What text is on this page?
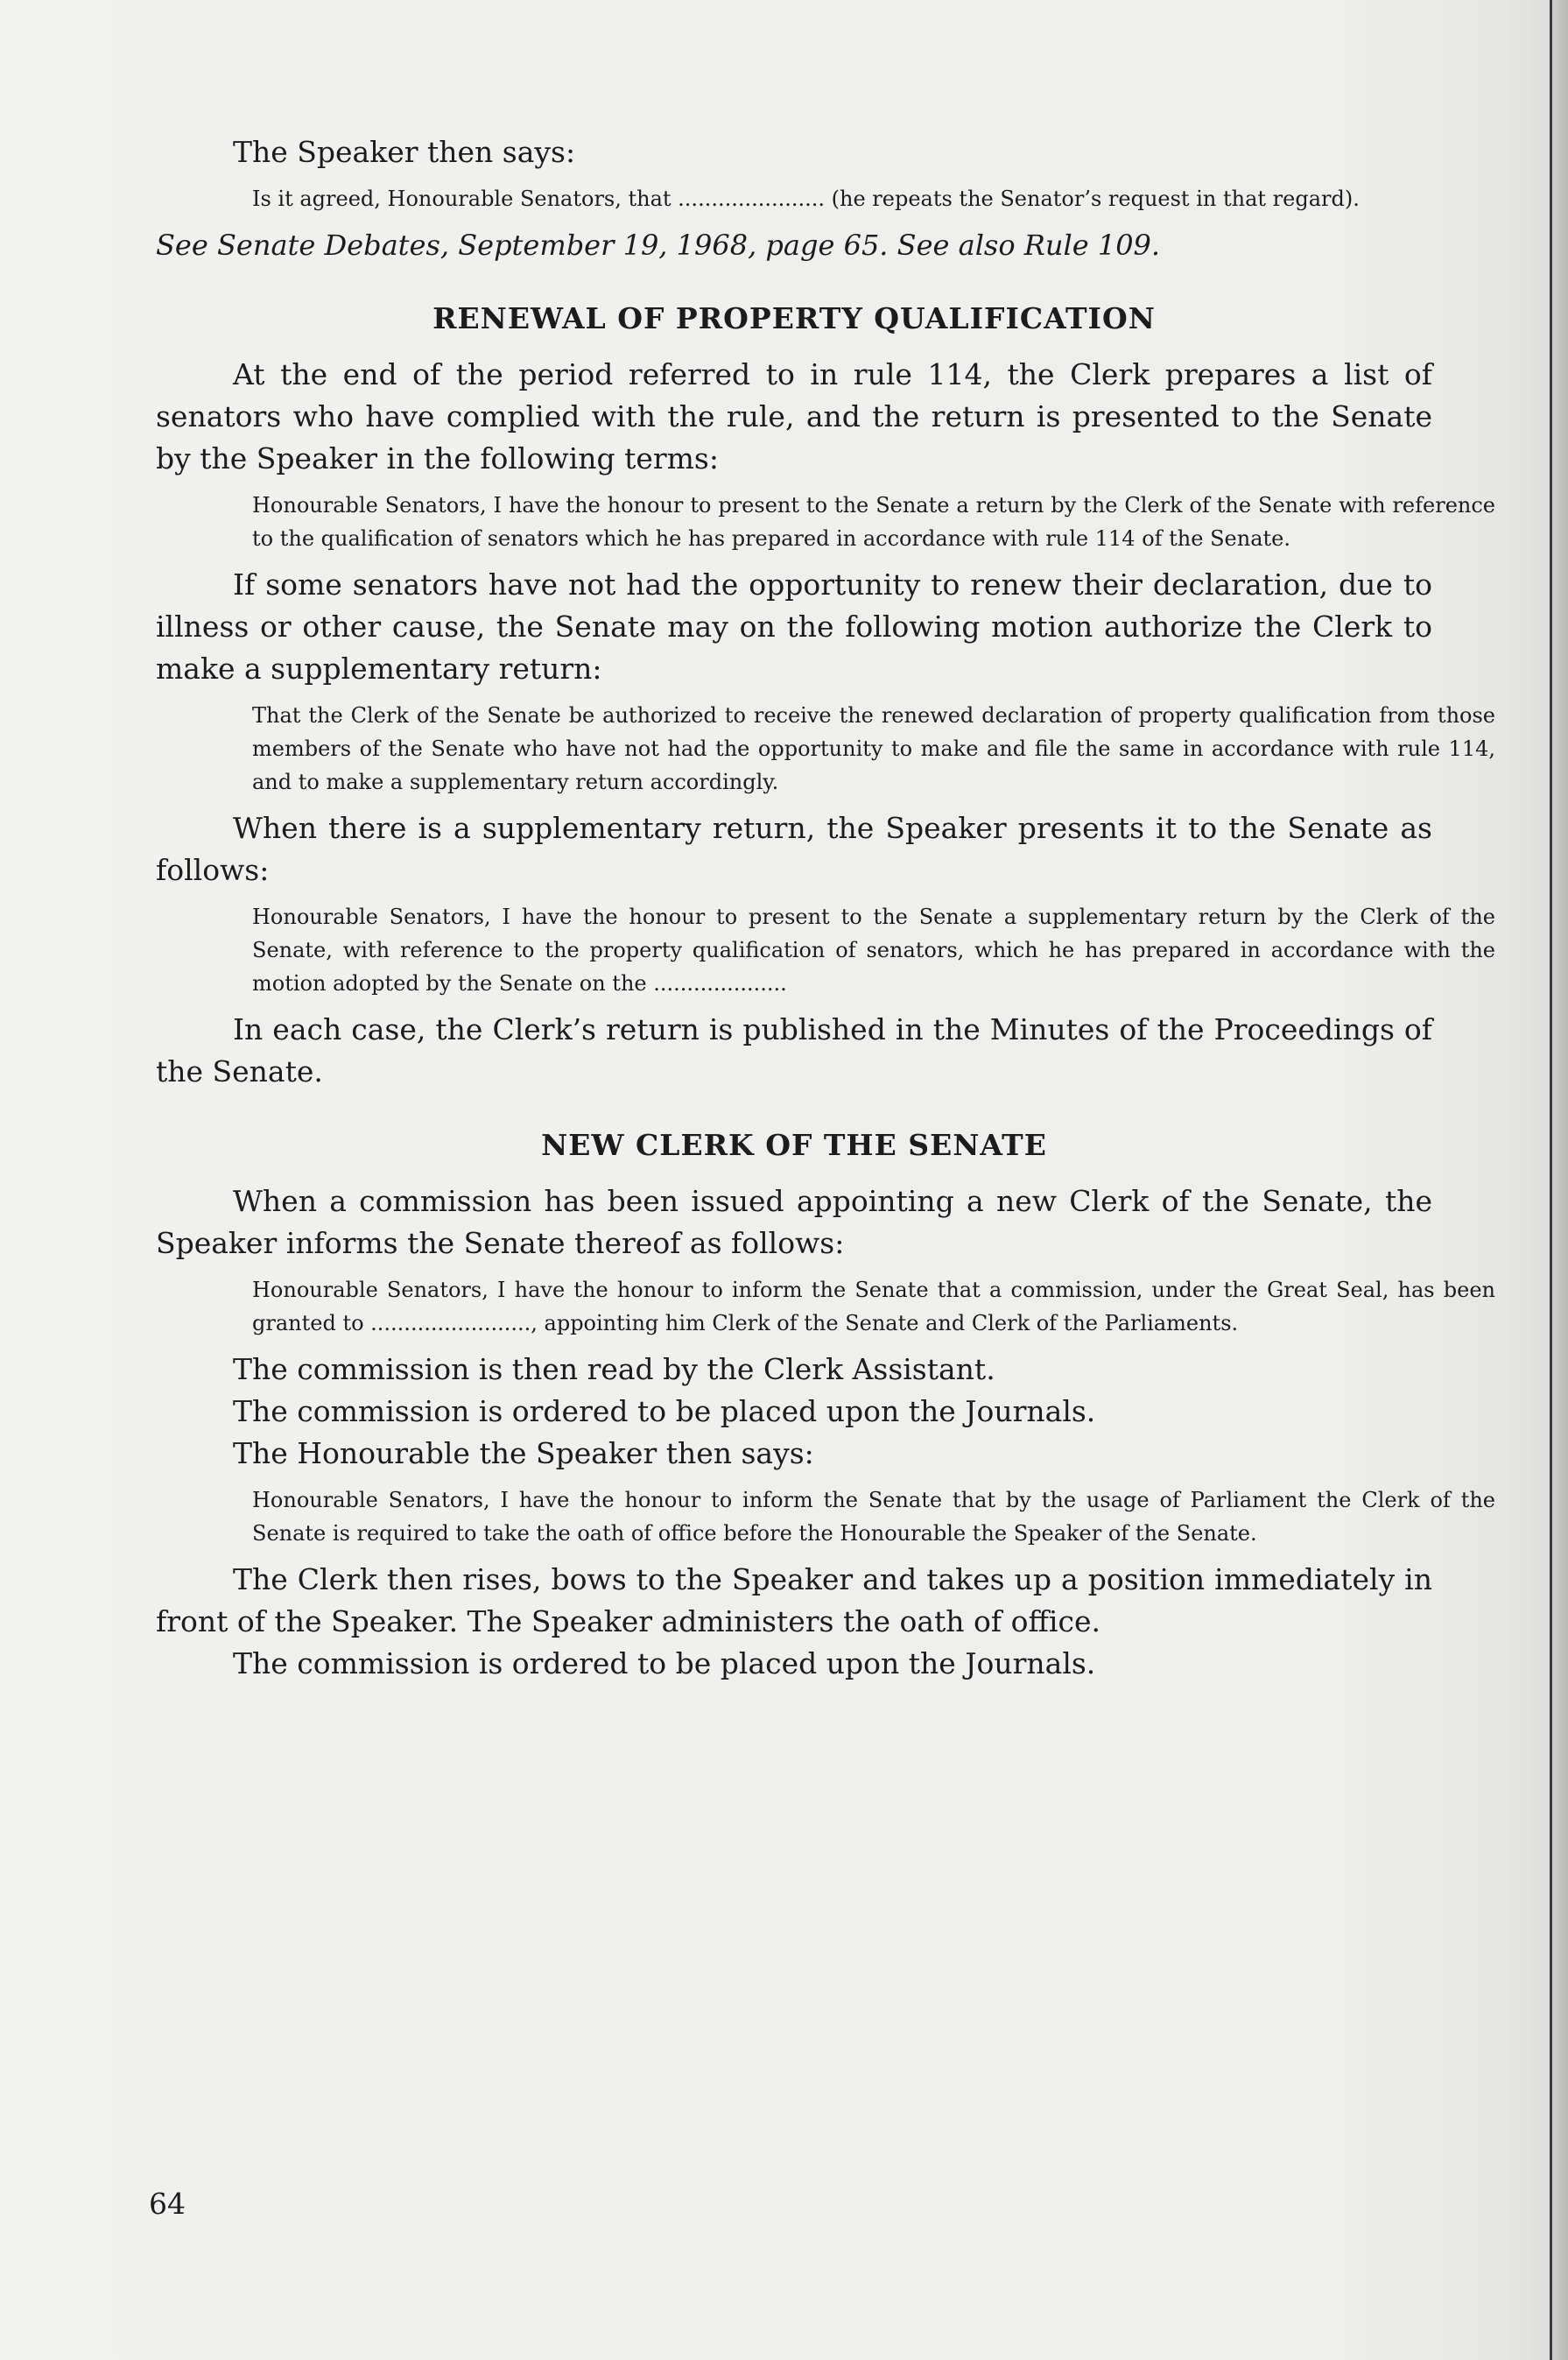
The Speaker then says:

Is it agreed, Honourable Senators, that ...................... (he repeats the Senator’s request in that regard).

See Senate Debates, September 19, 1968, page 65. See also Rule 109.

RENEWAL OF PROPERTY QUALIFICATION

At the end of the period referred to in rule 114, the Clerk prepares a list of senators who have complied with the rule, and the return is presented to the Senate by the Speaker in the following terms:

Honourable Senators, I have the honour to present to the Senate a return by the Clerk of the Senate with reference to the qualification of senators which he has prepared in accordance with rule 114 of the Senate.

If some senators have not had the opportunity to renew their declaration, due to illness or other cause, the Senate may on the following motion authorize the Clerk to make a supplementary return:

That the Clerk of the Senate be authorized to receive the renewed declaration of property qualification from those members of the Senate who have not had the opportunity to make and file the same in accordance with rule 114, and to make a supplementary return accordingly.

When there is a supplementary return, the Speaker presents it to the Senate as follows:

Honourable Senators, I have the honour to present to the Senate a supplementary return by the Clerk of the Senate, with reference to the property qualification of senators, which he has prepared in accordance with the motion adopted by the Senate on the ....................

In each case, the Clerk’s return is published in the Minutes of the Proceedings of the Senate.

NEW CLERK OF THE SENATE

When a commission has been issued appointing a new Clerk of the Senate, the Speaker informs the Senate thereof as follows:

Honourable Senators, I have the honour to inform the Senate that a commission, under the Great Seal, has been granted to ........................, appointing him Clerk of the Senate and Clerk of the Parliaments.

The commission is then read by the Clerk Assistant.

The commission is ordered to be placed upon the Journals.

The Honourable the Speaker then says:

Honourable Senators, I have the honour to inform the Senate that by the usage of Parliament the Clerk of the Senate is required to take the oath of office before the Honourable the Speaker of the Senate.

The Clerk then rises, bows to the Speaker and takes up a position immediately in front of the Speaker. The Speaker administers the oath of office.

The commission is ordered to be placed upon the Journals.

64
